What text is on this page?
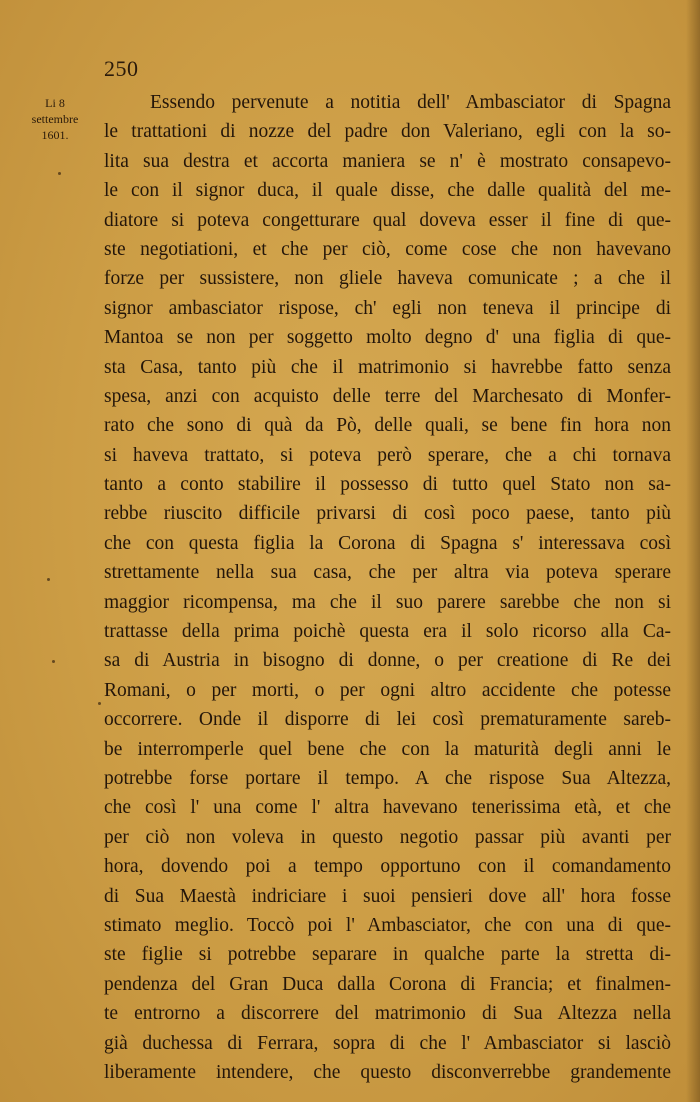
250
Li 8
settembre
1601.
Essendo pervenute a notitia dell' Ambasciator di Spagna
le trattationi di nozze del padre don Valeriano, egli con la so-
lita sua destra et accorta maniera se n' è mostrato consapevo-
le con il signor duca, il quale disse, che dalle qualità del me-
diatore si poteva congetturare qual doveva esser il fine di que-
ste negotiationi, et che per ciò, come cose che non havevano
forze per sussistere, non gliele haveva comunicate ; a che il
signor ambasciator rispose, ch' egli non teneva il principe di
Mantoa se non per soggetto molto degno d' una figlia di que-
sta Casa, tanto più che il matrimonio si havrebbe fatto senza
spesa, anzi con acquisto delle terre del Marchesato di Monfer-
rato che sono di quà da Pò, delle quali, se bene fin hora non
si haveva trattato, si poteva però sperare, che a chi tornava
tanto a conto stabilire il possesso di tutto quel Stato non sa-
rebbe riuscito difficile privarsi di così poco paese, tanto più
che con questa figlia la Corona di Spagna s' interessava così
strettamente nella sua casa, che per altra via poteva sperare
maggior ricompensa, ma che il suo parere sarebbe che non si
trattasse della prima poichè questa era il solo ricorso alla Ca-
sa di Austria in bisogno di donne, o per creatione di Re dei
Romani, o per morti, o per ogni altro accidente che potesse
occorrere. Onde il disporre di lei così prematuramente sareb-
be interromperle quel bene che con la maturità degli anni le
potrebbe forse portare il tempo. A che rispose Sua Altezza,
che così l' una come l' altra havevano tenerissima età, et che
per ciò non voleva in questo negotio passar più avanti per
hora, dovendo poi a tempo opportuno con il comandamento
di Sua Maestà indriciare i suoi pensieri dove all' hora fosse
stimato meglio. Toccò poi l' Ambasciator, che con una di que-
ste figlie si potrebbe separare in qualche parte la stretta di-
pendenza del Gran Duca dalla Corona di Francia; et finalmen-
te entrorno a discorrere del matrimonio di Sua Altezza nella
già duchessa di Ferrara, sopra di che l' Ambasciator si lasciò
liberamente intendere, che questo disconverrebbe grandemente
